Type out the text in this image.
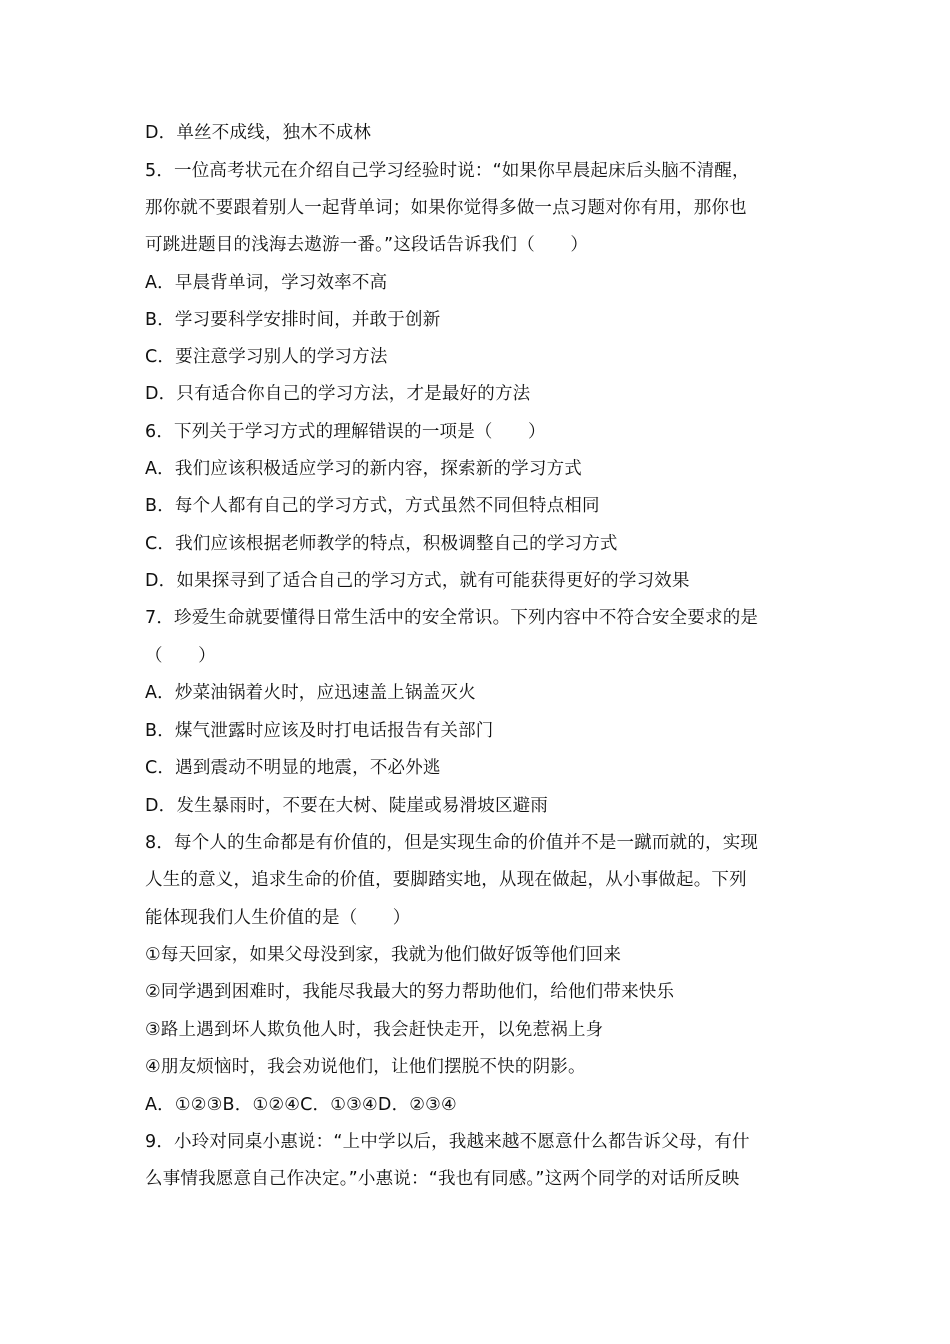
D．单丝不成线，独木不成林
5．一位高考状元在介绍自己学习经验时说：“如果你早晨起床后头脑不清醒，
那你就不要跟着别人一起背单词；如果你觉得多做一点习题对你有用，那你也
可跳进题目的浅海去遨游一番。”这段话告诉我们（　　）
A．早晨背单词，学习效率不高
B．学习要科学安排时间，并敢于创新
C．要注意学习别人的学习方法
D．只有适合你自己的学习方法，才是最好的方法
6．下列关于学习方式的理解错误的一项是（　　）
A．我们应该积极适应学习的新内容，探索新的学习方式
B．每个人都有自己的学习方式，方式虽然不同但特点相同
C．我们应该根据老师教学的特点，积极调整自己的学习方式
D．如果探寻到了适合自己的学习方式，就有可能获得更好的学习效果
7．珍爱生命就要懂得日常生活中的安全常识。下列内容中不符合安全要求的是
（　　）
A．炒菜油锅着火时，应迅速盖上锅盖灭火
B．煤气泄露时应该及时打电话报告有关部门
C．遇到震动不明显的地震，不必外逃
D．发生暴雨时，不要在大树、陡崖或易滑坡区避雨
8．每个人的生命都是有价值的，但是实现生命的价值并不是一蹴而就的，实现
人生的意义，追求生命的价值，要脚踏实地，从现在做起，从小事做起。下列
能体现我们人生价值的是（　　）
①每天回家，如果父母没到家，我就为他们做好饭等他们回来
②同学遇到困难时，我能尽我最大的努力帮助他们，给他们带来快乐
③路上遇到坏人欺负他人时，我会赶快走开，以免惹祸上身
④朋友烦恼时，我会劝说他们，让他们摆脱不快的阴影。
A．①②③B．①②④C．①③④D．②③④
9．小玲对同桌小惠说：“上中学以后，我越来越不愿意什么都告诉父母，有什
么事情我愿意自己作决定。”小惠说：“我也有同感。”这两个同学的对话所反映
